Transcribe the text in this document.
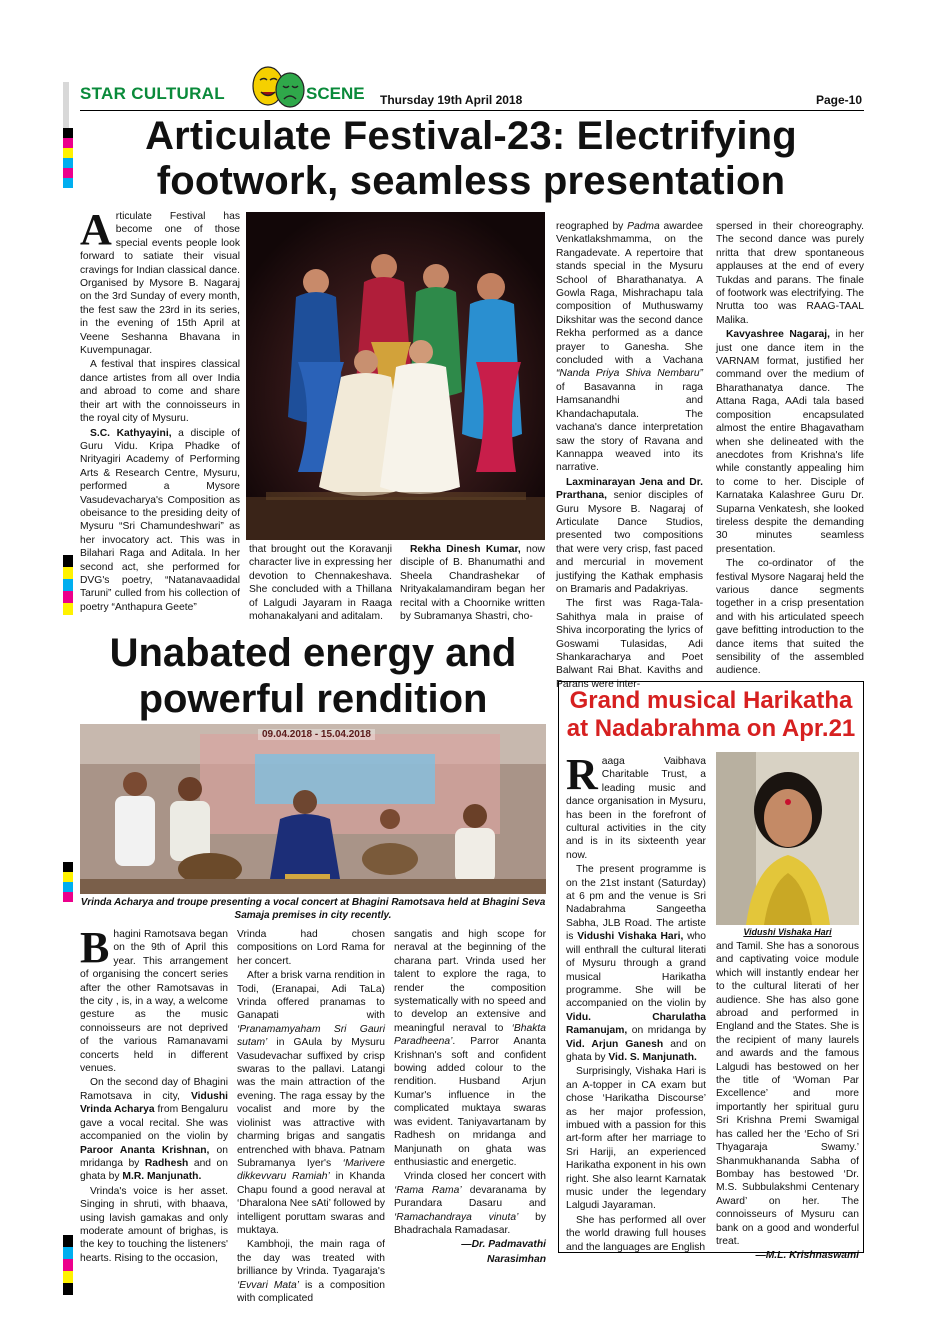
STAR CULTURAL	SCENE Thursday 19th April 2018	Page-10
Articulate Festival-23: Electrifying
footwork, seamless presentation

Articulate Festival has become one of those special events people look forward to satiate their visual cravings for Indian classical dance. Organised by Mysore B. Nagaraj on the 3rd Sunday of every month, the fest saw the 23rd in its series, in the evening of 15th April at Veene Seshanna Bhavana in Kuvempunagar.

A festival that inspires classical dance artistes from all over India and abroad to come and share their art with the connoisseurs in the royal city of Mysuru.

S.C. Kathyayini, a disciple of Guru Vidu. Kripa Phadke of Nrityagiri Academy of Performing Arts & Research Centre, Mysuru, performed a Mysore Vasudevacharya's Composition as obeisance to the presiding deity of Mysuru “Sri Chamundeshwari” as her invocatory act. This was in Bilahari Raga and Aditala. In her second act, she performed for DVG's poetry, “Natanavaadidal Taruni” culled from his collection of poetry “Anthapura Geete”

that brought out the Koravanji character live in expressing her devotion to Chennakeshava. She concluded with a Thillana of Lalgudi Jayaram in Raaga mohanakalyani and aditalam.

Rekha Dinesh Kumar, now disciple of B. Bhanumathi and Sheela Chandrashekar of Nrityakalamandiram began her recital with a Choornike written by Subramanya Shastri, cho-

reographed by Padma awardee Venkatlakshmamma, on the Rangadevate. A repertoire that stands special in the Mysuru School of Bharathanatya. A Gowla Raga, Mishrachapu tala composition of Muthuswamy Dikshitar was the second dance Rekha performed as a dance prayer to Ganesha. She concluded with a Vachana “Nanda Priya Shiva Nembaru” of Basavanna in raga Hamsanandhi and Khandachaputala. The vachana's dance interpretation saw the story of Ravana and Kannappa weaved into its narrative.

Laxminarayan Jena and Dr. Prarthana, senior disciples of Guru Mysore B. Nagaraj of Articulate Dance Studios, presented two compositions that were very crisp, fast paced and mercurial in movement justifying the Kathak emphasis on Bramaris and Padakriyas.

The first was Raga-Tala-Sahithya mala in praise of Shiva incorporating the lyrics of Goswami Tulasidas, Adi Shankaracharya and Poet Balwant Rai Bhat. Kaviths and Parans were inter-

spersed in their choreography. The second dance was purely nritta that drew spontaneous applauses at the end of every Tukdas and parans. The finale of footwork was electrifying. The Nrutta too was RAAG-TAAL Malika.

Kavyashree Nagaraj, in her just one dance item in the VARNAM format, justified her command over the medium of Bharathanatya dance. The Attana Raga, AAdi tala based composition encapsulated almost the entire Bhagavatham when she delineated with the anecdotes from Krishna's life while constantly appealing him to come to her. Disciple of Karnataka Kalashree Guru Dr. Suparna Venkatesh, she looked tireless despite the demanding 30 minutes seamless presentation.

The co-ordinator of the festival Mysore Nagaraj held the various dance segments together in a crisp presentation and with his articulated speech gave befitting introduction to the dance items that suited the sensibility of the assembled audience.

Unabated energy and
powerful rendition
09.04.2018 - 15.04.2018
Vrinda Acharya and troupe presenting a vocal concert at Bhagini Ramotsava held at Bhagini Seva Samaja premises in city recently.

Bhagini Ramotsava began on the 9th of April this year. This arrangement of organising the concert series after the other Ramotsavas in the city , is, in a way, a welcome gesture as the music connoisseurs are not deprived of the various Ramanavami concerts held in different venues.

On the second day of Bhagini Ramotsava in city, Vidushi Vrinda Acharya from Bengaluru gave a vocal recital. She was accompanied on the violin by Paroor Ananta Krishnan, on mridanga by Radhesh and on ghata by M.R. Manjunath.

Vrinda's voice is her asset. Singing in shruti, with bhaava, using lavish gamakas and only moderate amount of brighas, is the key to touching the listeners' hearts. Rising to the occasion,

Vrinda had chosen compositions on Lord Rama for her concert.

After a brisk varna rendition in Todi, (Eranapai, Adi TaLa) Vrinda offered pranamas to Ganapati with ‘Pranamamyaham Sri Gauri sutam’ in GAula by Mysuru Vasudevachar suffixed by crisp swaras to the pallavi. Latangi was the main attraction of the evening. The raga essay by the vocalist and more by the violinist was attractive with charming brigas and sangatis entrenched with bhava. Patnam Subramanya Iyer's ‘Marivere dikkevvaru Ramiah’ in Khanda Chapu found a good neraval at ‘Dharalona Nee sAti’ followed by intelligent poruttam swaras and muktaya.

Kambhoji, the main raga of the day was treated with brilliance by Vrinda. Tyagaraja's ‘Evvari Mata’ is a composition with complicated

sangatis and high scope for neraval at the beginning of the charana part. Vrinda used her talent to explore the raga, to render the composition systematically with no speed and to develop an extensive and meaningful neraval to ‘Bhakta Paradheena’. Parror Ananta Krishnan's soft and confident bowing added colour to the rendition. Husband Arjun Kumar's influence in the complicated muktaya swaras was evident. Taniyavartanam by Radhesh on mridanga and Manjunath on ghata was enthusiastic and energetic.

Vrinda closed her concert with ‘Rama Rama’ devaranama by Purandara Dasaru and ‘Ramachandraya vinuta’ by Bhadrachala Ramadasar.

—Dr. Padmavathi

Narasimhan

Grand musical Harikatha
at Nadabrahma on Apr.21

Raaga Vaibhava Charitable Trust, a leading music and dance organisation in Mysuru, has been in the forefront of cultural activities in the city and is in its sixteenth year now.

The present programme is on the 21st instant (Saturday) at 6 pm and the venue is Sri Nadabrahma Sangeetha Sabha, JLB Road. The artiste is Vidushi Vishaka Hari, who will enthrall the cultural literati of Mysuru through a grand musical Harikatha programme. She will be accompanied on the violin by Vidu. Charulatha Ramanujam, on mridanga by Vid. Arjun Ganesh and on ghata by Vid. S. Manjunath.

Surprisingly, Vishaka Hari is an A-topper in CA exam but chose ‘Harikatha Discourse’ as her major profession, imbued with a passion for this art-form after her marriage to Sri Hariji, an experienced Harikatha exponent in his own right. She also learnt Karnatak music under the legendary Lalgudi Jayaraman.

She has performed all over the world drawing full houses and the languages are English

Vidushi Vishaka Hari

and Tamil. She has a sonorous and captivating voice module which will instantly endear her to the cultural literati of her audience. She has also gone abroad and performed in England and the States. She is the recipient of many laurels and awards and the famous Lalgudi has bestowed on her the title of ‘Woman Par Excellence’ and more importantly her spiritual guru Sri Krishna Premi Swamigal has called her the ‘Echo of Sri Thyagaraja Swamy.’ Shanmukhananda Sabha of Bombay has bestowed ‘Dr. M.S. Subbulakshmi Centenary Award’ on her. The connoisseurs of Mysuru can bank on a good and wonderful treat.

—M.L. Krishnaswami
